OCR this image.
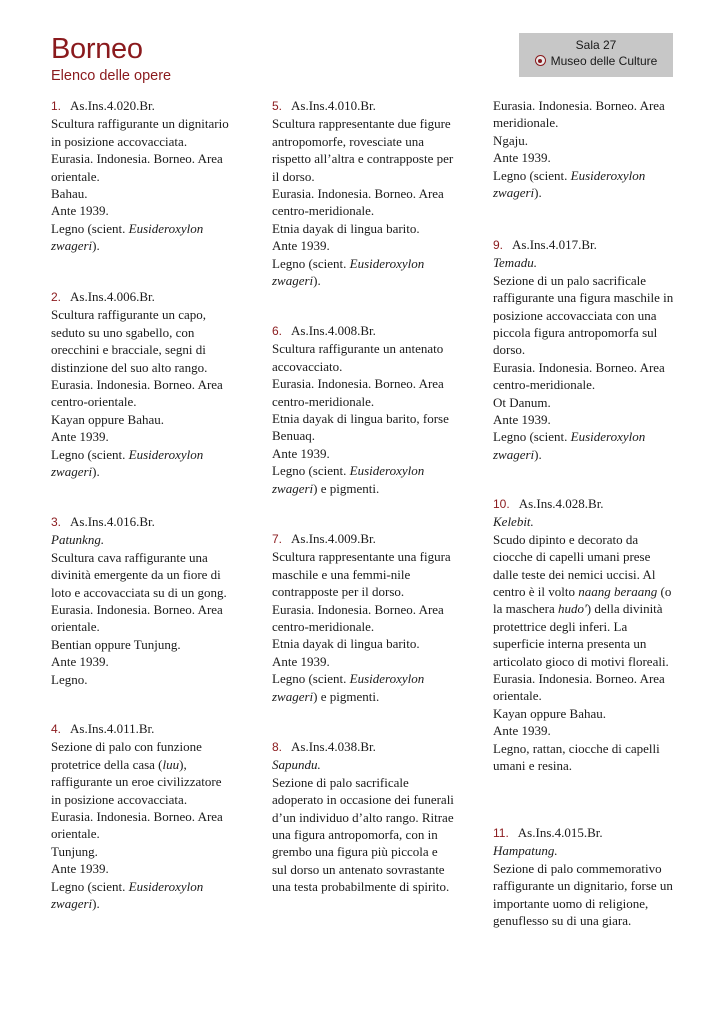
Borneo
Elenco delle opere
Sala 27
Museo delle Culture

1. As.Ins.4.020.Br.

Scultura raffigurante un dignitario in posizione accovacciata.

Eurasia. Indonesia. Borneo. Area orientale.

Bahau.

Ante 1939.

Legno (scient. Eusideroxylon zwageri).

2. As.Ins.4.006.Br.

Scultura raffigurante un capo, seduto su uno sgabello, con orecchini e bracciale, segni di distinzione del suo alto rango.

Eurasia. Indonesia. Borneo. Area centro-orientale.

Kayan oppure Bahau.

Ante 1939.

Legno (scient. Eusideroxylon zwageri).

3. As.Ins.4.016.Br.

Patunkng.

Scultura cava raffigurante una divinità emergente da un fiore di loto e accovacciata su di un gong.

Eurasia. Indonesia. Borneo. Area orientale.

Bentian oppure Tunjung.

Ante 1939.

Legno.

4. As.Ins.4.011.Br.

Sezione di palo con funzione protetrice della casa (luu), raffigurante un eroe civilizzatore in posizione accovacciata.

Eurasia. Indonesia. Borneo. Area orientale.

Tunjung.

Ante 1939.

Legno (scient. Eusideroxylon zwageri).

5. As.Ins.4.010.Br.

Scultura rappresentante due figure antropomorfe, rovesciate una rispetto all’altra e contrapposte per il dorso.

Eurasia. Indonesia. Borneo. Area centro-meridionale.

Etnia dayak di lingua barito.

Ante 1939.

Legno (scient. Eusideroxylon zwageri).

6. As.Ins.4.008.Br.

Scultura raffigurante un antenato accovacciato.

Eurasia. Indonesia. Borneo. Area centro-meridionale.

Etnia dayak di lingua barito, forse Benuaq.

Ante 1939.

Legno (scient. Eusideroxylon zwageri) e pigmenti.

7. As.Ins.4.009.Br.

Scultura rappresentante una figura maschile e una femmi-nile contrapposte per il dorso.

Eurasia. Indonesia. Borneo. Area centro-meridionale.

Etnia dayak di lingua barito.

Ante 1939.

Legno (scient. Eusideroxylon zwageri) e pigmenti.

8. As.Ins.4.038.Br.

Sapundu.

Sezione di palo sacrificale adoperato in occasione dei funerali d’un individuo d’alto rango. Ritrae una figura antropomorfa, con in grembo una figura più piccola e sul dorso un antenato sovrastante una testa probabilmente di spirito.

Eurasia. Indonesia. Borneo. Area meridionale.

Ngaju.

Ante 1939.

Legno (scient. Eusideroxylon zwageri).

9. As.Ins.4.017.Br.

Temadu.

Sezione di un palo sacrificale raffigurante una figura maschile in posizione accovacciata con una piccola figura antropomorfa sul dorso.

Eurasia. Indonesia. Borneo. Area centro-meridionale.

Ot Danum.

Ante 1939.

Legno (scient. Eusideroxylon zwageri).

10. As.Ins.4.028.Br.

Kelebit.

Scudo dipinto e decorato da ciocche di capelli umani prese dalle teste dei nemici uccisi. Al centro è il volto naang beraang (o la maschera hudo') della divinità protettrice degli inferi. La superficie interna presenta un articolato gioco di motivi floreali.

Eurasia. Indonesia. Borneo. Area orientale.

Kayan oppure Bahau.

Ante 1939.

Legno, rattan, ciocche di capelli umani e resina.

11. As.Ins.4.015.Br.

Hampatung.

Sezione di palo commemorativo raffigurante un dignitario, forse un importante uomo di religione, genuflesso su di una giara.
